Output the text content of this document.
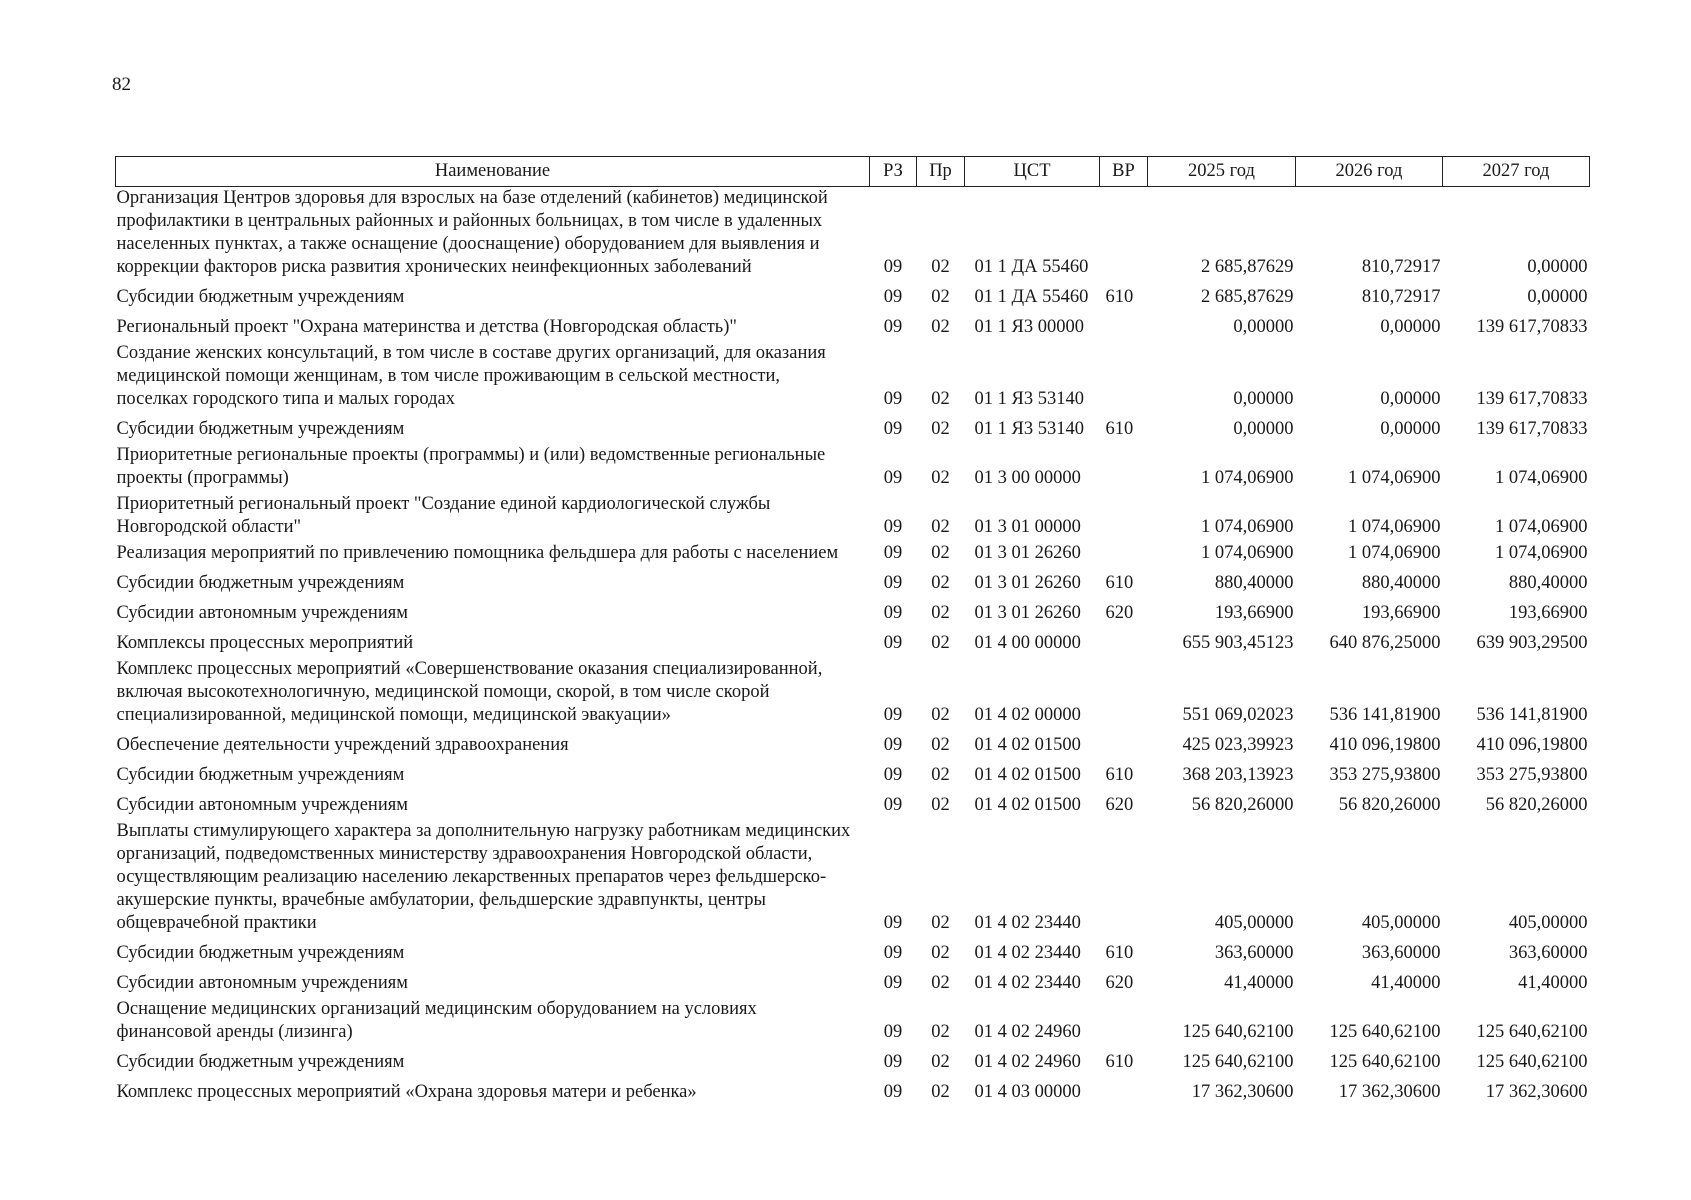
82
Наименование	РЗ	Пр	ЦСТ	ВР	2025 год	2026 год	2027 год
Организация Центров здоровья для взрослых на базе отделений (кабинетов) медицинской профилактики в центральных районных и районных больницах, в том числе в удаленных населенных пунктах, а также оснащение (дооснащение) оборудованием для выявления и коррекции факторов риска развития хронических неинфекционных заболеваний	09	02	01 1 ДА 55460		2 685,87629	810,72917	0,00000
Субсидии бюджетным учреждениям	09	02	01 1 ДА 55460	610	2 685,87629	810,72917	0,00000
Региональный проект "Охрана материнства и детства (Новгородская область)"	09	02	01 1 Я3 00000		0,00000	0,00000	139 617,70833
Создание женских консультаций, в том числе в составе других организаций, для оказания медицинской помощи женщинам, в том числе проживающим в сельской местности, поселках городского типа и малых городах	09	02	01 1 Я3 53140		0,00000	0,00000	139 617,70833
Субсидии бюджетным учреждениям	09	02	01 1 Я3 53140	610	0,00000	0,00000	139 617,70833
Приоритетные региональные проекты (программы) и (или) ведомственные региональные проекты (программы)	09	02	01 3 00 00000		1 074,06900	1 074,06900	1 074,06900
Приоритетный региональный проект "Создание единой кардиологической службы Новгородской области"	09	02	01 3 01 00000		1 074,06900	1 074,06900	1 074,06900
Реализация мероприятий по привлечению помощника фельдшера для работы с населением	09	02	01 3 01 26260		1 074,06900	1 074,06900	1 074,06900
Субсидии бюджетным учреждениям	09	02	01 3 01 26260	610	880,40000	880,40000	880,40000
Субсидии автономным учреждениям	09	02	01 3 01 26260	620	193,66900	193,66900	193,66900
Комплексы процессных мероприятий	09	02	01 4 00 00000		655 903,45123	640 876,25000	639 903,29500
Комплекс процессных мероприятий «Совершенствование оказания специализированной, включая высокотехнологичную, медицинской помощи, скорой, в том числе скорой специализированной, медицинской помощи, медицинской эвакуации»	09	02	01 4 02 00000		551 069,02023	536 141,81900	536 141,81900
Обеспечение деятельности учреждений здравоохранения	09	02	01 4 02 01500		425 023,39923	410 096,19800	410 096,19800
Субсидии бюджетным учреждениям	09	02	01 4 02 01500	610	368 203,13923	353 275,93800	353 275,93800
Субсидии автономным учреждениям	09	02	01 4 02 01500	620	56 820,26000	56 820,26000	56 820,26000
Выплаты стимулирующего характера за дополнительную нагрузку работникам медицинских организаций, подведомственных министерству здравоохранения Новгородской области, осуществляющим реализацию населению лекарственных препаратов через фельдшерско-акушерские пункты, врачебные амбулатории, фельдшерские здравпункты, центры общеврачебной практики	09	02	01 4 02 23440		405,00000	405,00000	405,00000
Субсидии бюджетным учреждениям	09	02	01 4 02 23440	610	363,60000	363,60000	363,60000
Субсидии автономным учреждениям	09	02	01 4 02 23440	620	41,40000	41,40000	41,40000
Оснащение медицинских организаций медицинским оборудованием на условиях финансовой аренды (лизинга)	09	02	01 4 02 24960		125 640,62100	125 640,62100	125 640,62100
Субсидии бюджетным учреждениям	09	02	01 4 02 24960	610	125 640,62100	125 640,62100	125 640,62100
Комплекс процессных мероприятий «Охрана здоровья матери и ребенка»	09	02	01 4 03 00000		17 362,30600	17 362,30600	17 362,30600
